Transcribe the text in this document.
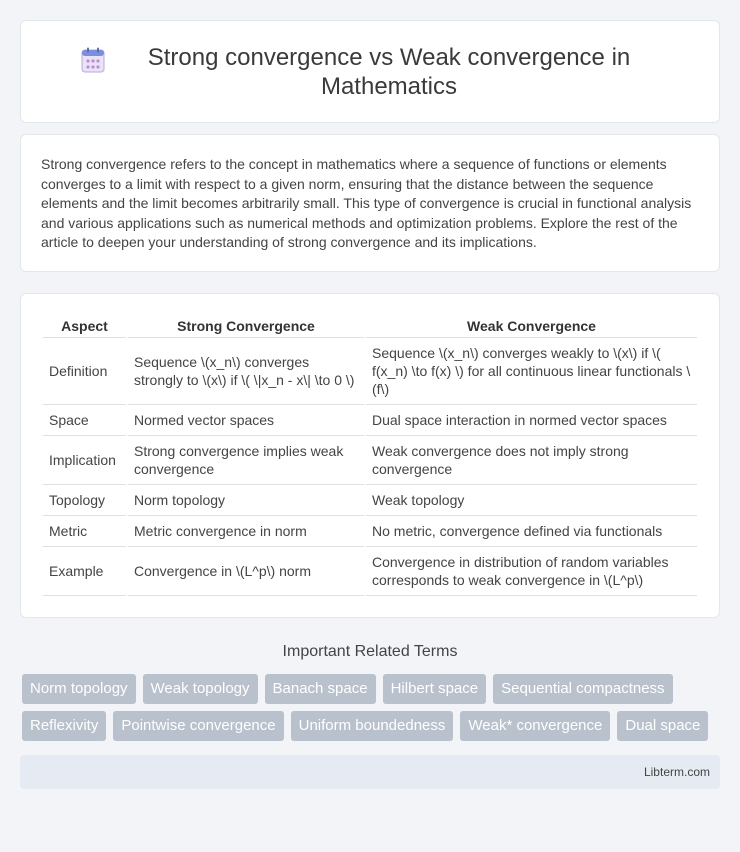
Strong convergence vs Weak convergence in Mathematics

Strong convergence refers to the concept in mathematics where a sequence of functions or elements converges to a limit with respect to a given norm, ensuring that the distance between the sequence elements and the limit becomes arbitrarily small. This type of convergence is crucial in functional analysis and various applications such as numerical methods and optimization problems. Explore the rest of the article to deepen your understanding of strong convergence and its implications.

Aspect	Strong Convergence	Weak Convergence
Definition	Sequence \(x_n\) converges strongly to \(x\) if \( \|x_n - x\| \to 0 \)	Sequence \(x_n\) converges weakly to \(x\) if \( f(x_n) \to f(x) \) for all continuous linear functionals \(f\)
Space	Normed vector spaces	Dual space interaction in normed vector spaces
Implication	Strong convergence implies weak convergence	Weak convergence does not imply strong convergence
Topology	Norm topology	Weak topology
Metric	Metric convergence in norm	No metric, convergence defined via functionals
Example	Convergence in \(L^p\) norm	Convergence in distribution of random variables corresponds to weak convergence in \(L^p\)
Important Related Terms
Norm topology	Weak topology	Banach space	Hilbert space	Sequential compactness
Reflexivity	Pointwise convergence	Uniform boundedness	Weak* convergence	Dual space
Libterm.com
